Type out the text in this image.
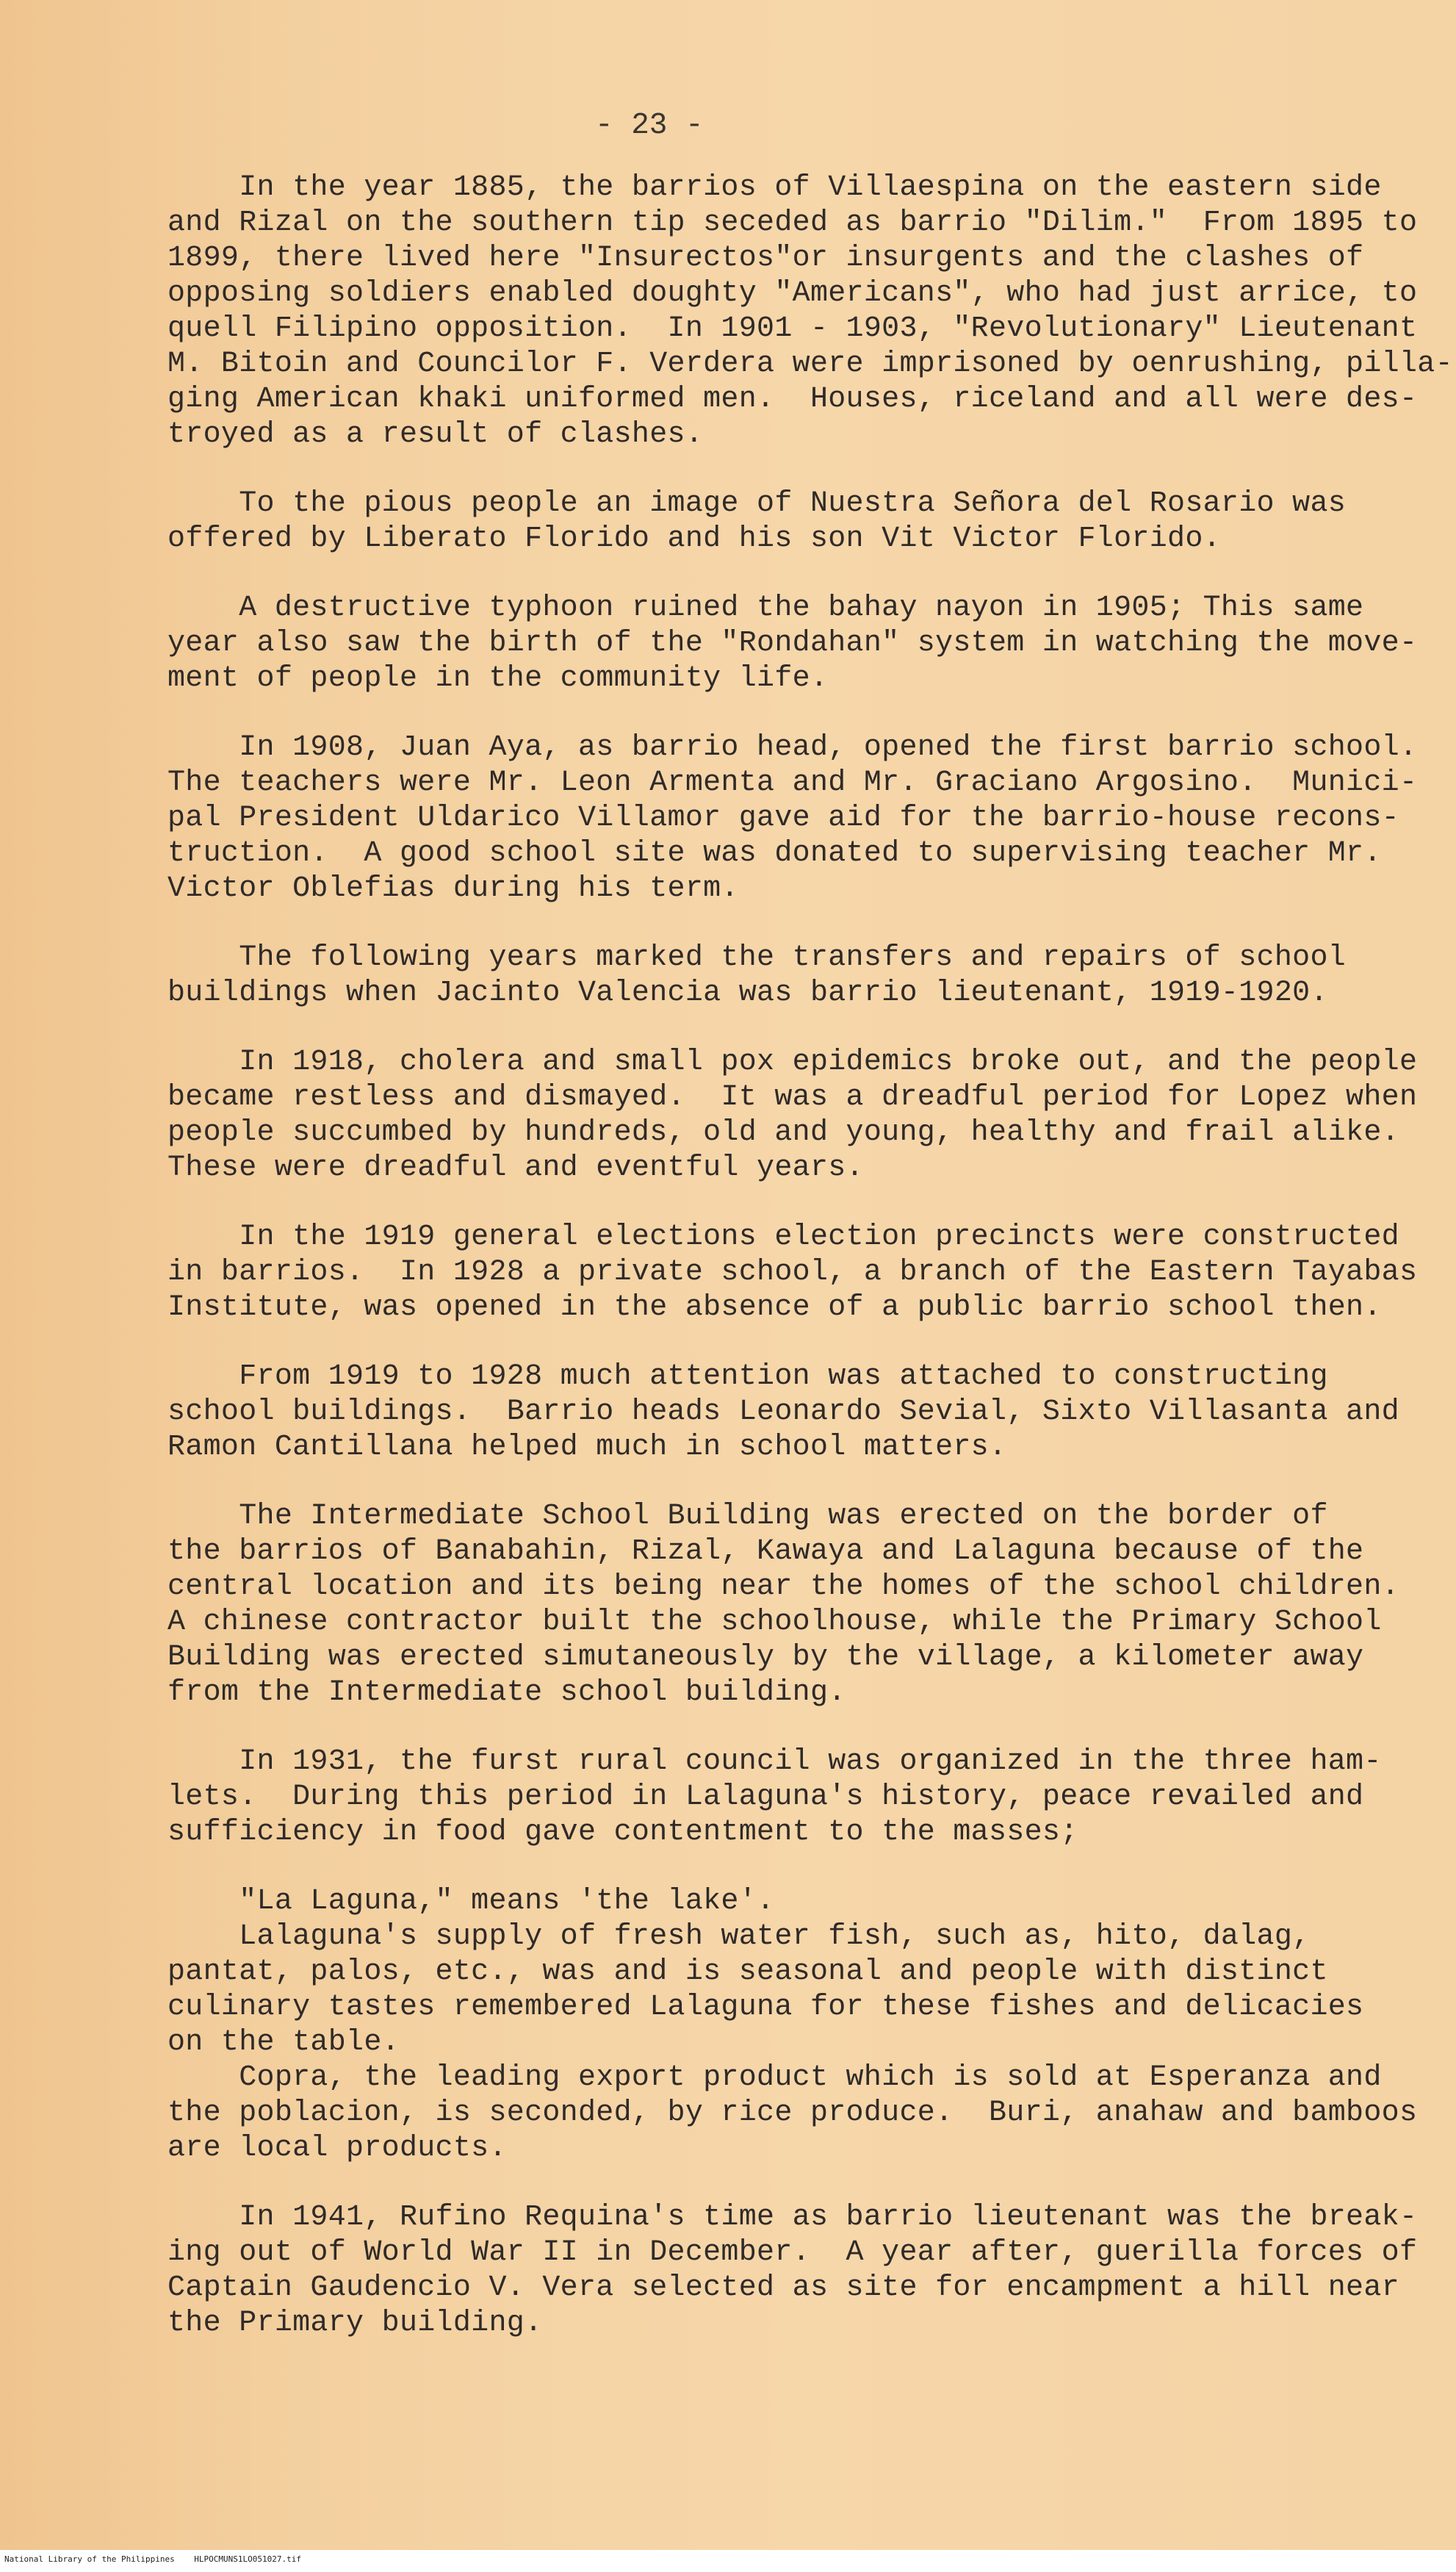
- 23 -
In the year 1885, the barrios of Villaespina on the eastern side
and Rizal on the southern tip seceded as barrio "Dilim."  From 1895 to
1899, there lived here "Insurectos"or insurgents and the clashes of
opposing soldiers enabled doughty "Americans", who had just arrice, to
quell Filipino opposition.  In 1901 - 1903, "Revolutionary" Lieutenant
M. Bitoin and Councilor F. Verdera were imprisoned by oenrushing, pilla-
ging American khaki uniformed men.  Houses, riceland and all were des-
troyed as a result of clashes.
To the pious people an image of Nuestra Señora del Rosario was
offered by Liberato Florido and his son Vit Victor Florido.
A destructive typhoon ruined the bahay nayon in 1905; This same
year also saw the birth of the "Rondahan" system in watching the move-
ment of people in the community life.
In 1908, Juan Aya, as barrio head, opened the first barrio school.
The teachers were Mr. Leon Armenta and Mr. Graciano Argosino.  Munici-
pal President Uldarico Villamor gave aid for the barrio-house recons-
truction.  A good school site was donated to supervising teacher Mr.
Victor Oblefias during his term.
The following years marked the transfers and repairs of school
buildings when Jacinto Valencia was barrio lieutenant, 1919-1920.
In 1918, cholera and small pox epidemics broke out, and the people
became restless and dismayed.  It was a dreadful period for Lopez when
people succumbed by hundreds, old and young, healthy and frail alike.
These were dreadful and eventful years.
In the 1919 general elections election precincts were constructed
in barrios.  In 1928 a private school, a branch of the Eastern Tayabas
Institute, was opened in the absence of a public barrio school then.
From 1919 to 1928 much attention was attached to constructing
school buildings.  Barrio heads Leonardo Sevial, Sixto Villasanta and
Ramon Cantillana helped much in school matters.
The Intermediate School Building was erected on the border of
the barrios of Banabahin, Rizal, Kawaya and Lalaguna because of the
central location and its being near the homes of the school children.
A chinese contractor built the schoolhouse, while the Primary School
Building was erected simutaneously by the village, a kilometer away
from the Intermediate school building.
In 1931, the furst rural council was organized in the three ham-
lets.  During this period in Lalaguna's history, peace revailed and
sufficiency in food gave contentment to the masses;
"La Laguna," means 'the lake'.
Lalaguna's supply of fresh water fish, such as, hito, dalag,
pantat, palos, etc., was and is seasonal and people with distinct
culinary tastes remembered Lalaguna for these fishes and delicacies
on the table.
Copra, the leading export product which is sold at Esperanza and
the poblacion, is seconded, by rice produce.  Buri, anahaw and bamboos
are local products.
In 1941, Rufino Requina's time as barrio lieutenant was the break-
ing out of World War II in December.  A year after, guerilla forces of
Captain Gaudencio V. Vera selected as site for encampment a hill near
the Primary building.
National Library of the Philippines    HLPOCMUNS1LO051027.tif
